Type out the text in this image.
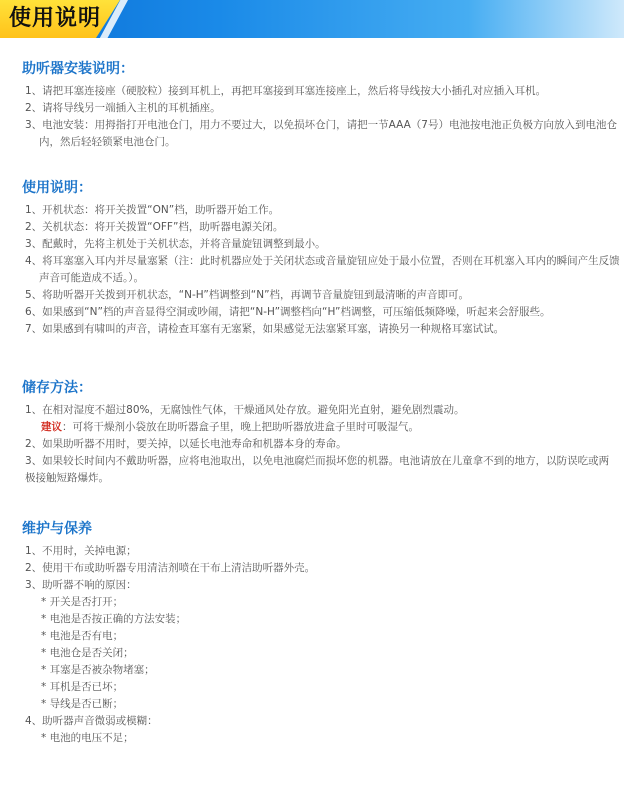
使用说明
助听器安装说明：
1、请把耳塞连接座（硬胶粒）接到耳机上，再把耳塞接到耳塞连接座上，然后将导线按大小插孔对应插入耳机。
2、请将导线另一端插入主机的耳机插座。
3、电池安装：用拇指打开电池仓门，用力不要过大，以免损坏仓门，请把一节AAA（7号）电池按电池正负极方向放入到电池仓内，然后轻轻锁紧电池仓门。
使用说明：
1、开机状态：将开关拨置“ON”档，助听器开始工作。
2、关机状态：将开关拨置“OFF”档，助听器电源关闭。
3、配戴时，先将主机处于关机状态，并将音量旋钮调整到最小。
4、将耳塞塞入耳内并尽量塞紧（注：此时机器应处于关闭状态或音量旋钮应处于最小位置，否则在耳机塞入耳内的瞬间产生反馈声音可能造成不适。）。
5、将助听器开关拨到开机状态，“N-H”档调整到“N”档，再调节音量旋钮到最清晰的声音即可。
6、如果感到“N”档的声音显得空洞或吵闹，请把“N-H”调整档向“H”档调整，可压缩低频降噪，听起来会舒服些。
7、如果感到有啸叫的声音，请检查耳塞有无塞紧，如果感觉无法塞紧耳塞，请换另一种规格耳塞试试。
储存方法：
1、在相对湿度不超过80%，无腐蚀性气体，干燥通风处存放。避免阳光直射，避免剧烈震动。
建议：可将干燥剂小袋放在助听器盒子里，晚上把助听器放进盒子里时可吸湿气。
2、如果助听器不用时，要关掉，以延长电池寿命和机器本身的寿命。
3、如果较长时间内不戴助听器，应将电池取出，以免电池腐烂而损坏您的机器。电池请放在儿童拿不到的地方，以防误吃或两极接触短路爆炸。
维护与保养
1、不用时，关掉电源；
2、使用干布或助听器专用清洁剂喷在干布上清洁助听器外壳。
3、助听器不响的原因：
* 开关是否打开；
* 电池是否按正确的方法安装；
* 电池是否有电；
* 电池仓是否关闭；
* 耳塞是否被杂物堵塞；
* 耳机是否已坏；
* 导线是否已断；
4、助听器声音微弱或模糊：
* 电池的电压不足；
